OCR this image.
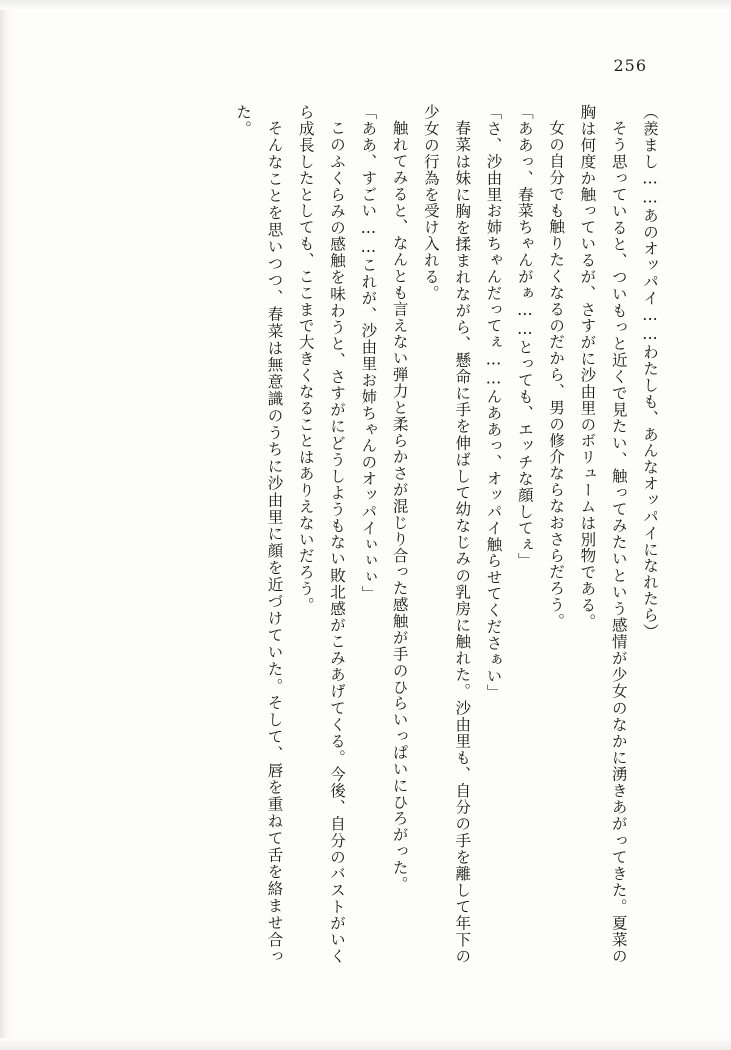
256

（羨まし……あのオッパイ……わたしも、あんなオッパイになれたら）

そう思っていると、ついもっと近くで見たい、触ってみたいという感情が少女のなかに湧きあがってきた。夏菜の胸は何度か触っているが、さすがに沙由里のボリュームは別物である。

女の自分でも触りたくなるのだから、男の修介ならなおさらだろう。

「ああっ、春菜ちゃんがぁ……とっても、エッチな顔してぇ」

「さ、沙由里お姉ちゃんだってぇ……んああっ、オッパイ触らせてくださぁい」

春菜は妹に胸を揉まれながら、懸命に手を伸ばして幼なじみの乳房に触れた。沙由里も、自分の手を離して年下の少女の行為を受け入れる。

触れてみると、なんとも言えない弾力と柔らかさが混じり合った感触が手のひらいっぱいにひろがった。

「ああ、すごい……これが、沙由里お姉ちゃんのオッパイぃぃぃ」

このふくらみの感触を味わうと、さすがにどうしようもない敗北感がこみあげてくる。今後、自分のバストがいくら成長したとしても、ここまで大きくなることはありえないだろう。

そんなことを思いつつ、春菜は無意識のうちに沙由里に顔を近づけていた。そして、唇を重ねて舌を絡ませ合った。
